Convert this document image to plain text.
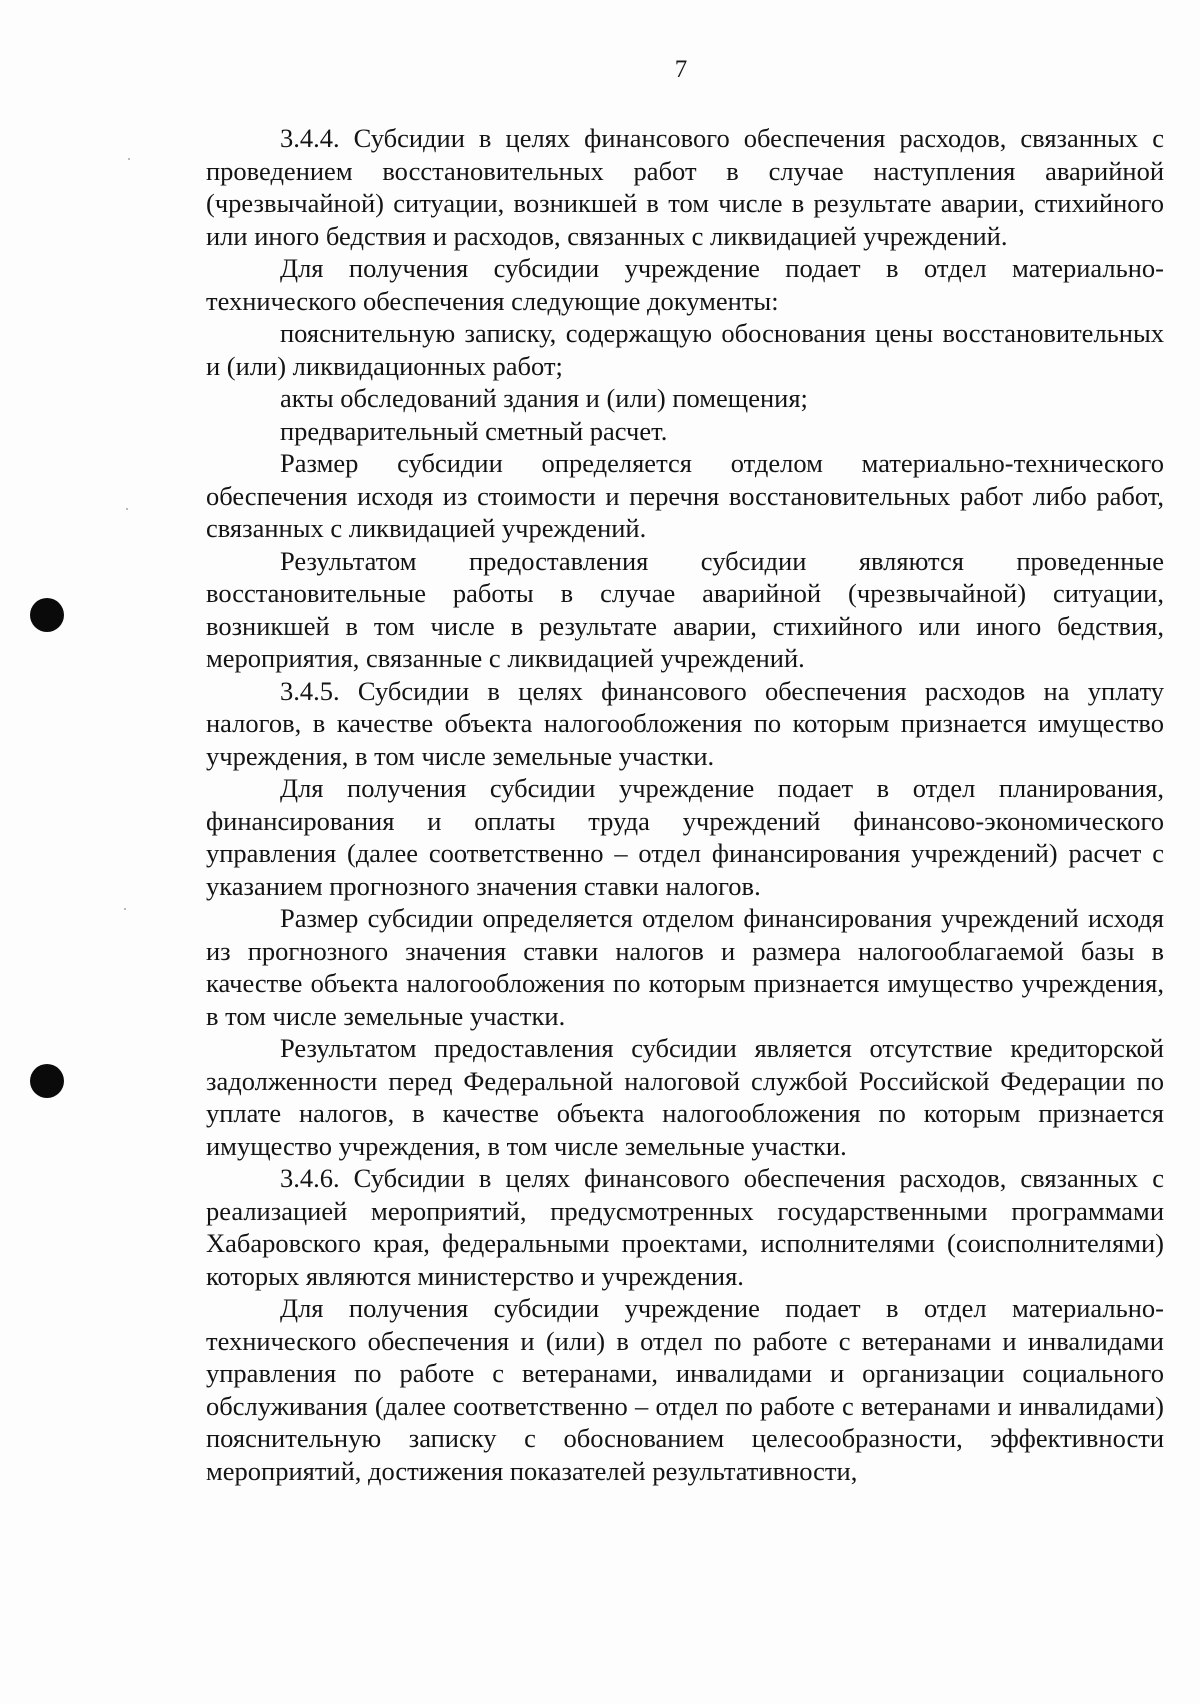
7

3.4.4. Субсидии в целях финансового обеспечения расходов, связанных с проведением восстановительных работ в случае наступления аварийной (чрезвычайной) ситуации, возникшей в том числе в результате аварии, стихийного или иного бедствия и расходов, связанных с ликвидацией учреждений.

Для получения субсидии учреждение подает в отдел материально-технического обеспечения следующие документы:

пояснительную записку, содержащую обоснования цены восстановительных и (или) ликвидационных работ;

акты обследований здания и (или) помещения;

предварительный сметный расчет.

Размер субсидии определяется отделом материально-технического обеспечения исходя из стоимости и перечня восстановительных работ либо работ, связанных с ликвидацией учреждений.

Результатом предоставления субсидии являются проведенные восстановительные работы в случае аварийной (чрезвычайной) ситуации, возникшей в том числе в результате аварии, стихийного или иного бедствия, мероприятия, связанные с ликвидацией учреждений.

3.4.5. Субсидии в целях финансового обеспечения расходов на уплату налогов, в качестве объекта налогообложения по которым признается имущество учреждения, в том числе земельные участки.

Для получения субсидии учреждение подает в отдел планирования, финансирования и оплаты труда учреждений финансово-экономического управления (далее соответственно – отдел финансирования учреждений) расчет с указанием прогнозного значения ставки налогов.

Размер субсидии определяется отделом финансирования учреждений исходя из прогнозного значения ставки налогов и размера налогооблагаемой базы в качестве объекта налогообложения по которым признается имущество учреждения, в том числе земельные участки.

Результатом предоставления субсидии является отсутствие кредиторской задолженности перед Федеральной налоговой службой Российской Федерации по уплате налогов, в качестве объекта налогообложения по которым признается имущество учреждения, в том числе земельные участки.

3.4.6. Субсидии в целях финансового обеспечения расходов, связанных с реализацией мероприятий, предусмотренных государственными программами Хабаровского края, федеральными проектами, исполнителями (соисполнителями) которых являются министерство и учреждения.

Для получения субсидии учреждение подает в отдел материально-технического обеспечения и (или) в отдел по работе с ветеранами и инвалидами управления по работе с ветеранами, инвалидами и организации социального обслуживания (далее соответственно – отдел по работе с ветеранами и инвалидами) пояснительную записку с обоснованием целесообразности, эффективности мероприятий, достижения показателей результативности,
